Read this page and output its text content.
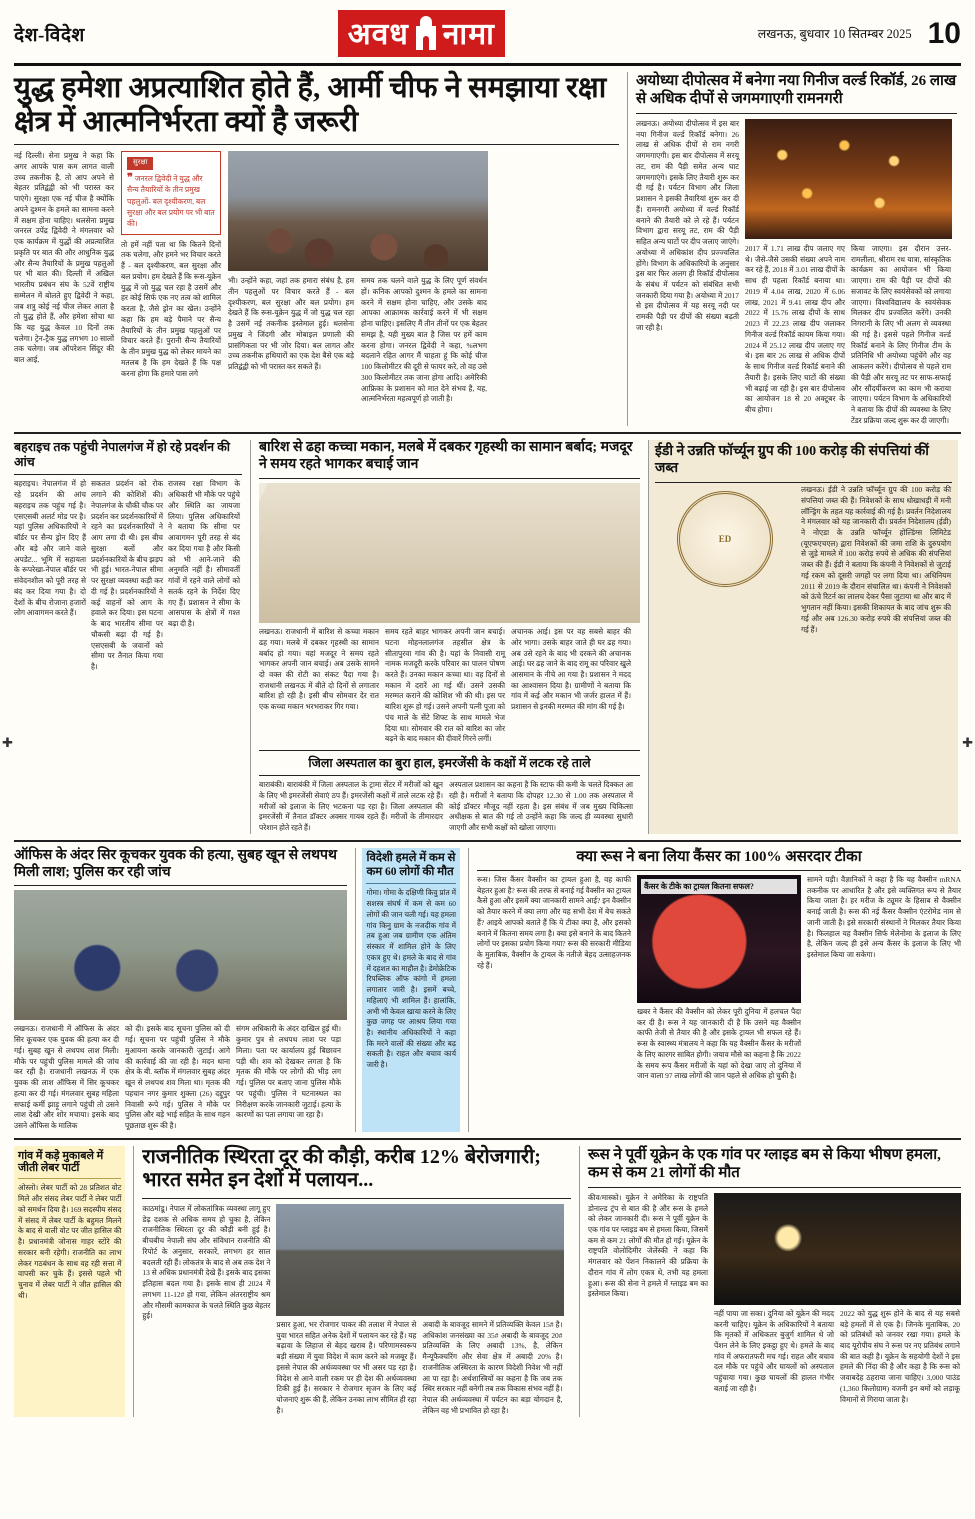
देश-विदेश	अवध नामा	लखनऊ, बुधवार 10 सितम्बर 2025 10
युद्ध हमेशा अप्रत्याशित होते हैं, आर्मी चीफ ने समझाया रक्षा क्षेत्र में आत्मनिर्भरता क्यों है जरूरी
नई दिल्ली। सेना प्रमुख ने कहा कि अगर आपके पास कम लागत वाली उच्च तकनीक है, तो आप अपने से बेहतर प्रतिद्वंद्वी को भी परास्त कर पाएंगे। सुरक्षा एक नई चीज है क्योंकि अपने दुश्मन के हमले का सामना करने में सक्षम होना चाहिए। थलसेना प्रमुख जनरल उपेंद्र द्विवेदी ने मंगलवार को एक कार्यक्रम में युद्धों की अप्रत्याशित प्रकृति पर बात की और आधुनिक युद्ध और सैन्य तैयारियों के प्रमुख पहलुओं पर भी बात की। दिल्ली में अखिल भारतीय प्रबंधन संघ के 52वें राष्ट्रीय सम्मेलन में बोलते हुए द्विवेदी ने कहा, जब शत्रु कोई नई चीज लेकर आता है तो युद्ध होते हैं, और हमेशा सोचा था कि यह युद्ध केवल 10 दिनों तक चलेगा। ट्रेन-ट्रैक युद्ध लगभग 10 सालों तक चलेगा। जब ऑपरेशन सिंदूर की बात आई,
सुरक्षा
❞ जनरल द्विवेदी ने युद्ध और सैन्य तैयारियों के तीन प्रमुख पहलुओं- बल दृश्यीकरण, बल सुरक्षा और बल प्रयोग पर भी बात की।
तो हमें नहीं पता था कि कितने दिनों तक चलेगा, और हमने भर विचार करते हैं - बल दृश्यीकरण, बल सुरक्षा और बल प्रयोग। हम देखते हैं कि रूस-यूक्रेन युद्ध में जो युद्ध चल रहा है उसमें और हर कोई सिर्फ एक नए तत्व को शामिल करता है, जैसे ड्रोन का खेल। उन्होंने कहा कि हम बड़े पैमाने पर सैन्य तैयारियों के तीन प्रमुख पहलुओं पर विचार करते हैं। पुरानी सैन्य तैयारियों के तीन प्रमुख युद्ध को लेकर मायने का मतलब है कि हम देखते हैं कि पक्ष करना होगा कि हमारे पास लगे
भी। उन्होंने कहा, जहां तक हमारा संबंध है, हम तीन पहलुओं पर विचार करते हैं - बल दृश्यीकरण, बल सुरक्षा और बल प्रयोग। हम देखते हैं कि रूस-यूक्रेन युद्ध में जो युद्ध चल रहा है उसमें नई तकनीक इस्तेमाल हुई। थलसेना प्रमुख ने जिंदगी और मोबाइल प्रणाली की प्रासंगिकता पर भी जोर दिया। बल लागत और उच्च तकनीक हथियारों का एक देश बैसे एक बड़े प्रतिद्वंद्वी को भी परास्त कर सकते हैं।
समय तक चलने वाले युद्ध के लिए पूर्ण संवर्धन हों। कनिक आपको दुश्मन के हमले का सामना करने में सक्षम होना चाहिए, और उसके बाद आपका आक्रामक कार्रवाई करने में भी सक्षम होना चाहिए। इसलिए मैं तीन तीनों पर एक बेहतर समझ है, यही मुख्य बात है जिस पर हमें काम करना होगा। जनरल द्विवेदी ने कहा, %लभग बदलाने रहित आगर मैं चाहता हूं कि कोई चीज 100 किलोमीटर की दूरी से फायर करे, तो वह उसे 300 किलोमीटर तक जाना होगा आदि। अमेरिकी आफ्रिका के प्रशासन को मात देने संभव है, यह, आत्मनिर्भरता महत्वपूर्ण हो जाती है।
अयोध्या दीपोत्सव में बनेगा नया गिनीज वर्ल्ड रिकॉर्ड, 26 लाख से अधिक दीपों से जगमगाएगी रामनगरी
लखनऊ। अयोध्या दीपोत्सव में इस बार नया गिनीज वर्ल्ड रिकॉर्ड बनेगा। 26 लाख से अधिक दीपों से राम नगरी जगमगाएगी। इस बार दीपोत्सव में सरयू तट, राम की पैड़ी समेत अन्य घाट जगमगाएंगे। इसके लिए तैयारी शुरू कर दी गई है। पर्यटन विभाग और जिला प्रशासन ने इसकी तैयारियां शुरू कर दी हैं। रामनगरी अयोध्या में वर्ल्ड रिकॉर्ड बनाने की तैयारी को ले रहे हैं। पर्यटन विभाग द्वारा सरयू तट, राम की पैड़ी सहित अन्य घाटों पर दीप जलाए जाएंगे। अयोध्या में अधिकांश दीप प्रज्ज्वलित होंगे। विभाग के अधिकारियों के अनुसार इस बार फिर अलग ही रिकॉर्ड दीपोत्सव के संबंध में पर्यटन को संबंधित सभी जनकारी दिया गया है। अयोध्या में 2017 से इस दीपोत्सव में यह सरयू नदी पर रामकी पैड़ी पर दीपों की संख्या बढ़ती जा रही है।
2017 में 1.71 लाख दीप जलाए गए थे। जैसे-जैसे उसकी संख्या अपने नाम कर रहे हैं, 2018 में 3.01 लाख दीपों के साथ ही पहला रिकॉर्ड बनाया था। 2019 में 4.04 लाख, 2020 में 6.06 लाख, 2021 में 9.41 लाख दीप और 2022 में 15.76 लाख दीपों के साथ 2023 में 22.23 लाख दीप जलाकर गिनीज वर्ल्ड रिकॉर्ड कायम किया गया। 2024 में 25.12 लाख दीप जलाए गए थे। इस बार 26 लाख से अधिक दीपों के साथ गिनीज वर्ल्ड रिकॉर्ड बनाने की तैयारी है। इसके लिए घाटों की संख्या भी बढ़ाई जा रही है। इस बार दीपोत्सव का आयोजन 18 से 20 अक्टूबर के बीच होगा।
किया जाएगा। इस दौरान उत्तर-रामलीला, श्रीराम रथ यात्रा, सांस्कृतिक कार्यक्रम का आयोजन भी किया जाएगा। राम की पैड़ी पर दीपों की सजावट के लिए स्वयंसेवकों को लगाया जाएगा। विश्वविद्यालय के स्वयंसेवक मिलकर दीप प्रज्वलित करेंगे। उनकी निगरानी के लिए भी अलग से व्यवस्था की गई है। इससे पहले गिनीज वर्ल्ड रिकॉर्ड बनाने के लिए गिनीज टीम के प्रतिनिधि भी अयोध्या पहुंचेंगे और वह आकलन करेंगे। दीपोत्सव से पहले राम की पैड़ी और सरयू तट पर साफ-सफाई और सौंदर्यीकरण का काम भी कराया जाएगा। पर्यटन विभाग के अधिकारियों ने बताया कि दीपों की व्यवस्था के लिए टेंडर प्रक्रिया जल्द शुरू कर दी जाएगी।
बहराइच तक पहुंची नेपालगंज में हो रहे प्रदर्शन की आंच
बहराइच। नेपालगंज में हो रहे प्रदर्शन की आंच बहराइच तक पहुंच गई है। एसएसबी अलर्ट मोड पर है। यहां पुलिस अधिकारियों ने बॉर्डर पर सैन्य ड्रोन दिए हैं और बड़े और जाने वाले अपडेट... भूमि में सहायता के रूपरेखा-नेपाल बॉर्डर पर संवेदनशील को पूरी तरह से बंद कर दिया गया है। दो देशों के बीच रोजाना हजारों लोग आवागमन करते हैं।
सकतत प्रदर्शन को रोक लगाने की कोशिशें की। नेपालगंज के चौकी चौक पर प्रदर्शन कर प्रदर्शनकारियों में रहने का प्रदर्शनकारियों ने आग लगा दी थी। इस बीच सुरक्षा बलों और प्रदर्शनकारियों के बीच झड़प भी हुई। भारत-नेपाल सीमा पर सुरक्षा व्यवस्था कड़ी कर दी गई है। प्रदर्शनकारियों ने कई वाहनों को आग के हवाले कर दिया। इस घटना के बाद भारतीय सीमा पर चौकसी बढ़ा दी गई है। एसएसबी के जवानों को सीमा पर तैनात किया गया है।
राजस्व रक्षा विभाग के अधिकारी भी मौके पर पहुंचे और स्थिति का जायजा लिया। पुलिस अधिकारियों ने बताया कि सीमा पर आवागमन पूरी तरह से बंद कर दिया गया है और किसी को भी आने-जाने की अनुमति नहीं है। सीमावर्ती गांवों में रहने वाले लोगों को सतर्क रहने के निर्देश दिए गए हैं। प्रशासन ने सीमा के आसपास के क्षेत्रों में गश्त बढ़ा दी है।
बारिश से ढहा कच्चा मकान, मलबे में दबकर गृहस्थी का सामान बर्बाद; मजदूर ने समय रहते भागकर बचाई जान
लखनऊ। राजधानी में बारिश से कच्चा मकान ढह गया। मलबे में दबकर गृहस्थी का सामान बर्बाद हो गया। यहां मजदूर ने समय रहते भागकर अपनी जान बचाई। अब उसके सामने दो वक्त की रोटी का संकट पैदा गया है। राजधानी लखनऊ में बीते दो दिनों से लगातार बारिश हो रही है। इसी बीच सोमवार देर रात एक कच्चा मकान भरभराकर गिर गया।
समय रहते बाहर भागकर अपनी जान बचाई। घटना मोहनलालगंज तहसील क्षेत्र के सीतापुरवा गांव की है। यहां के निवासी रामू नामक मजदूरी करके परिवार का पालन पोषण करते हैं। उनका मकान कच्चा था। वह दिनों से मकान में दरारें आ गई थीं। उसने उसकी मरम्मत कराने की कोशिश भी की थी। इस पर बारिश शुरू हो गई। उसने अपनी पत्नी पूजा को पंच माले के सेंटे शिफ्ट के साथ मामले भेज दिया था। सोमवार की रात को बारिश का जोर बढ़ने के बाद मकान की दीवारें गिरने लगीं।
अचानक आई। इस पर वह सबसे बाहर की ओर भागा। उसके बाहर जाते ही घर ढह गया। अब उसे रहने के बाद भी दरकने की अचानक आई। घर ढह जाने के बाद रामू का परिवार खुले आसमान के नीचे आ गया है। प्रशासन ने मदद का आश्वासन दिया है। ग्रामीणों ने बताया कि गांव में कई और मकान भी जर्जर हालत में हैं। प्रशासन से इनकी मरम्मत की मांग की गई है।
जिला अस्पताल का बुरा हाल, इमरजेंसी के कक्षों में लटक रहे ताले
बाराबंकी। बाराबंकी में जिला अस्पताल के ट्रामा सेंटर में मरीजों को खून के लिए भी इमरजेंसी सेवाएं ठप हैं। इमरजेंसी कक्षों में ताले लटक रहे हैं। मरीजों को इलाज के लिए भटकना पड़ रहा है। जिला अस्पताल की इमरजेंसी में तैनात डॉक्टर अक्सर गायब रहते हैं। मरीजों के तीमारदार परेशान होते रहते हैं।
अस्पताल प्रशासन का कहना है कि स्टाफ की कमी के चलते दिक्कत आ रही है। मरीजों ने बताया कि दोपहर 12.30 से 1.00 तक अस्पताल में कोई डॉक्टर मौजूद नहीं रहता है। इस संबंध में जब मुख्य चिकित्सा अधीक्षक से बात की गई तो उन्होंने कहा कि जल्द ही व्यवस्था सुधारी जाएगी और सभी कक्षों को खोला जाएगा।
ईडी ने उन्नति फॉर्च्यून ग्रुप की 100 करोड़ की संपत्तियां कीं जब्त
ED
लखनऊ। ईडी ने उन्नति फॉर्च्यून ग्रुप की 100 करोड़ की संपत्तियां जब्त की हैं। निवेशकों के साथ धोखाधड़ी में मनी लॉन्ड्रिंग के तहत यह कार्रवाई की गई है। प्रवर्तन निदेशालय ने मंगलवार को यह जानकारी दी। प्रवर्तन निदेशालय (ईडी) ने नोएडा के उन्नति फॉर्च्यून होल्डिंग्स लिमिटेड (यूएफएचएल) द्वारा निवेशकों की जमा राशि के दुरुपयोग से जुड़े मामले में 100 करोड़ रुपये से अधिक की संपत्तियां जब्त की हैं। ईडी ने बताया कि कंपनी ने निवेशकों से जुटाई गई रकम को दूसरी जगहों पर लगा दिया था। अधिनियम 2011 से 2019 के दौरान संचालित था। कंपनी ने निवेशकों को ऊंचे रिटर्न का लालच देकर पैसा जुटाया था और बाद में भुगतान नहीं किया। इसकी शिकायत के बाद जांच शुरू की गई और अब 126.30 करोड़ रुपये की संपत्तियां जब्त की गई हैं।
ऑफिस के अंदर सिर कूचकर युवक की हत्या, सुबह खून से लथपथ मिली लाश; पुलिस कर रही जांच
लखनऊ। राजधानी में ऑफिस के अंदर सिर कूचकर एक युवक की हत्या कर दी गई। सुबह खून से लथपथ लाश मिली। मौके पर पहुंची पुलिस मामले की जांच कर रही है। राजधानी लखनऊ में एक युवक की लाश ऑफिस में सिर कूचकर हत्या कर दी गई। मंगलवार सुबह महिला सफाई कर्मी झाड़ू लगाने पहुंची तो उसने लाश देखी और शोर मचाया। इसके बाद उसने ऑफिस के मालिक
को दी। इसके बाद सूचना पुलिस को दी गई। सूचना पर पहुंची पुलिस ने मौके मुआयना करके जानकारी जुटाई। आगे की कार्रवाई की जा रही है। मदन थाना क्षेत्र के बी. ब्लॉक में मंगलवार सुबह अंदर खून से लथपथ शव मिला था। मृतक की पहचान नगर कुमार शुक्ला (26) दद्दूपुर निवासी रूपे गई। पुलिस ने मौके पर पुलिस और बड़े भाई सहित के साथ गहन पूछताछ शुरू की है।
संगम अधिकारी के अंदर दाखिल हुई थी। कुमार पुत्र से लथपथ लाश पर पड़ा मिला। पता पर कार्यालय हुई बिछावन पड़ी थी। शव को देखकर लगता है कि मृतक की मौके पर लोगों की भीड़ लग गई। पुलिस पर बताए जाना पुलिस मौके पर पहुंची। पुलिस ने घटनास्थल का निरीक्षण करके जानकारी जुटाई। हत्या के कारणों का पता लगाया जा रहा है।
विदेशी हमले में कम से कम 60 लोगों की मौत
गोमा। गोमा के दक्षिणी किवु प्रांत में सशस्त्र संघर्ष में कम से कम 60 लोगों की जान चली गई। यह हमला गांव किनु ग्राम के नजदीक गांव में तब हुआ जब ग्रामीण एक अंतिम संस्कार में शामिल होने के लिए एकत्र हुए थे। हमले के बाद से गांव में दहशत का माहौल है। डेमोक्रेटिक रिपब्लिक ऑफ कांगो में हमला लगातार जारी है। इसमें बच्चे, महिलाएं भी शामिल हैं। हालांकि, अभी भी केवल खाया करने के लिए कुछ जगह पर आश्रय लिया गया है। स्थानीय अधिकारियों ने कहा कि मरने वालों की संख्या और बढ़ सकती है। राहत और बचाव कार्य जारी है।
क्या रूस ने बना लिया कैंसर का 100% असरदार टीका
रूस। जिस कैंसर वैक्सीन का ट्रायल हुआ है, वह काफी बेहतर हुआ है? रूस की तरफ से बनाई गई वैक्सीन का ट्रायल कैसे हुआ और इसमें क्या जानकारी सामने आई? इन वैक्सीन को तैयार करने में क्या लगा और यह सभी देश में बेच सकते हैं? आइये आपको बताते हैं कि ये टीका क्या है, और इसको बनाने में कितना समय लगा है। क्या इसे बनाने के बाद कितने लोगों पर इसका प्रयोग किया गया? रूस की सरकारी मीडिया के मुताबिक, वैक्सीन के ट्रायल के नतीजे बेहद उत्साहजनक रहे हैं।
कैंसर के टीके का ट्रायल कितना सफल?
खबर ने कैंसर की वैक्सीन को लेकर पूरी दुनिया में हलचल पैदा कर दी है। रूस ने यह जानकारी दी है कि उसने यह वैक्सीन काफी तेजी से तैयार की है और इसके ट्रायल भी सफल रहे हैं। रूस के स्वास्थ्य मंत्रालय ने कहा कि यह वैक्सीन कैंसर के मरीजों के लिए कारगर साबित होगी। जयाव मौसे का कहना है कि 2022 के समय रूप कैंसर मरीजों के यहां को देखा जाए तो दुनिया में जान वाला 97 लाख लोगों की जान पहले से अधिक हो चुकी है।
सामने पड़ी। वैज्ञानिकों ने कहा है कि यह वैक्सीन mRNA तकनीक पर आधारित है और इसे व्यक्तिगत रूप से तैयार किया जाता है। हर मरीज के ट्यूमर के हिसाब से वैक्सीन बनाई जाती है। रूस की नई कैंसर वैक्सीन एंटरोमेड नाम से जानी जाती है। इसे सरकारी संस्थानों ने मिलकर तैयार किया है। फिलहाल यह वैक्सीन सिर्फ मेलेनोमा के इलाज के लिए है, लेकिन जल्द ही इसे अन्य कैंसर के इलाज के लिए भी इस्तेमाल किया जा सकेगा।
गांव में कड़े मुकाबले में जीती लेबर पार्टी
ओस्लो। लेबर पार्टी को 28 प्रतिशत वोट मिले और संसद लेबर पार्टी ने लेबर पार्टी को समर्थन दिया है। 169 सदस्यीय संसद में संसद में लेबर पार्टी के बहुमत मिलने के बाद से वाली वोट पर जीत हासिल की है। प्रधानमंत्री जोनास गाहर स्टोरे की सरकार बनी रहेगी। राजनीति का लाभ लेकर गठबंधन के साथ वह रही सत्ता में वापसी कर चुके हैं। इससे पहले भी चुनाव में लेबर पार्टी ने जीत हासिल की थी।
राजनीतिक स्थिरता दूर की कौड़ी, करीब 12% बेरोजगारी; भारत समेत इन देशों में पलायन...
काठमांडू। नेपाल में लोकतांत्रिक व्यवस्था लागू हुए डेढ़ दशक से अधिक समय हो चुका है, लेकिन राजनीतिक स्थिरता दूर की कौड़ी बनी हुई है। बीचबीच नेपाली संघ और संविधान राजनीति की रिपोर्ट के अनुसार, सरकारें, लगभग हर साल बदलती रही हैं। लोकतंत्र के बाद से अब तक देश ने 13 से अधिक प्रधानमंत्री देखे हैं। इसके बाद इसका इतिहास बदल गया है। इसके साथ ही 2024 में लगभग 11-12# हो गया, लेकिन अंतरराष्ट्रीय श्रम और मौसमी कामकाज के चलते स्थिति कुछ बेहतर हुई।
प्रसार हुआ, भर रोजगार पाकर की तलाश में नेपाल से युवा भारत सहित अनेक देशों में पलायन कर रहे हैं। यह बढ़ावा के लिहाज से बेहद खराब है। परिणामस्वरूप बड़ी संख्या में युवा विदेश में काम करने को मजबूर हैं। इससे नेपाल की अर्थव्यवस्था पर भी असर पड़ रहा है। विदेश से आने वाली रकम पर ही देश की अर्थव्यवस्था टिकी हुई है। सरकार ने रोजगार सृजन के लिए कई योजनाएं शुरू की हैं, लेकिन उनका लाभ सीमित ही रहा है।
अबादी के बावजूद सामने में प्रतिव्यक्ति केवल 15# है। अधिकांश जनसंख्या का 35# अबादी के बावजूद 20# प्रतिव्यक्ति के लिए अबादी 13%, है, लेकिन मैन्यूफैक्चरिंग और सेवा क्षेत्र में अबादी 20% है। राजनीतिक अस्थिरता के कारण विदेशी निवेश भी नहीं आ पा रहा है। अर्थशास्त्रियों का कहना है कि जब तक स्थिर सरकार नहीं बनेगी तब तक विकास संभव नहीं है। नेपाल की अर्थव्यवस्था में पर्यटन का बड़ा योगदान है, लेकिन वह भी प्रभावित हो रहा है।
रूस ने पूर्वी यूक्रेन के एक गांव पर ग्लाइड बम से किया भीषण हमला, कम से कम 21 लोगों की मौत
कीव/मास्को। यूक्रेन ने अमेरिका के राष्ट्रपति डोनाल्ड ट्रंप से बात की है और रूस के हमले को लेकर जानकारी दी। रूस ने पूर्वी यूक्रेन के एक गांव पर ग्लाइड बम से हमला किया, जिसमें कम से कम 21 लोगों की मौत हो गई। यूक्रेन के राष्ट्रपति वोलोदिमीर जेलेंस्की ने कहा कि मंगलवार को पेंशन निकालने की प्रक्रिया के दौरान गांव में लोग एकत्र थे, तभी यह हमला हुआ। रूस की सेना ने हमले में ग्लाइड बम का इस्तेमाल किया।
नहीं पाया जा सका। दुनिया को यूक्रेन की मदद करनी चाहिए। यूक्रेन के अधिकारियों ने बताया कि मृतकों में अधिकतर बुजुर्ग शामिल थे जो पेंशन लेने के लिए इकट्ठा हुए थे। हमले के बाद गांव में अफरातफरी मच गई। राहत और बचाव दल मौके पर पहुंचे और घायलों को अस्पताल पहुंचाया गया। कुछ घायलों की हालत गंभीर बताई जा रही है।
2022 को युद्ध शुरू होने के बाद से यह सबसे बड़े हमलों में से एक है। जिनके मुताबिक, 20 को प्रतिबंधों को जनवर रखा गया। हमले के बाद यूरोपीय संघ ने रूस पर नए प्रतिबंध लगाने की बात कही है। यूक्रेन के सहयोगी देशों ने इस हमले की निंदा की है और कहा है कि रूस को जवाबदेह ठहराया जाना चाहिए। 3,000 पाउंड (1,360 किलोग्राम) वजनी इन बमों को लड़ाकू विमानों से गिराया जाता है।
✚	✚
